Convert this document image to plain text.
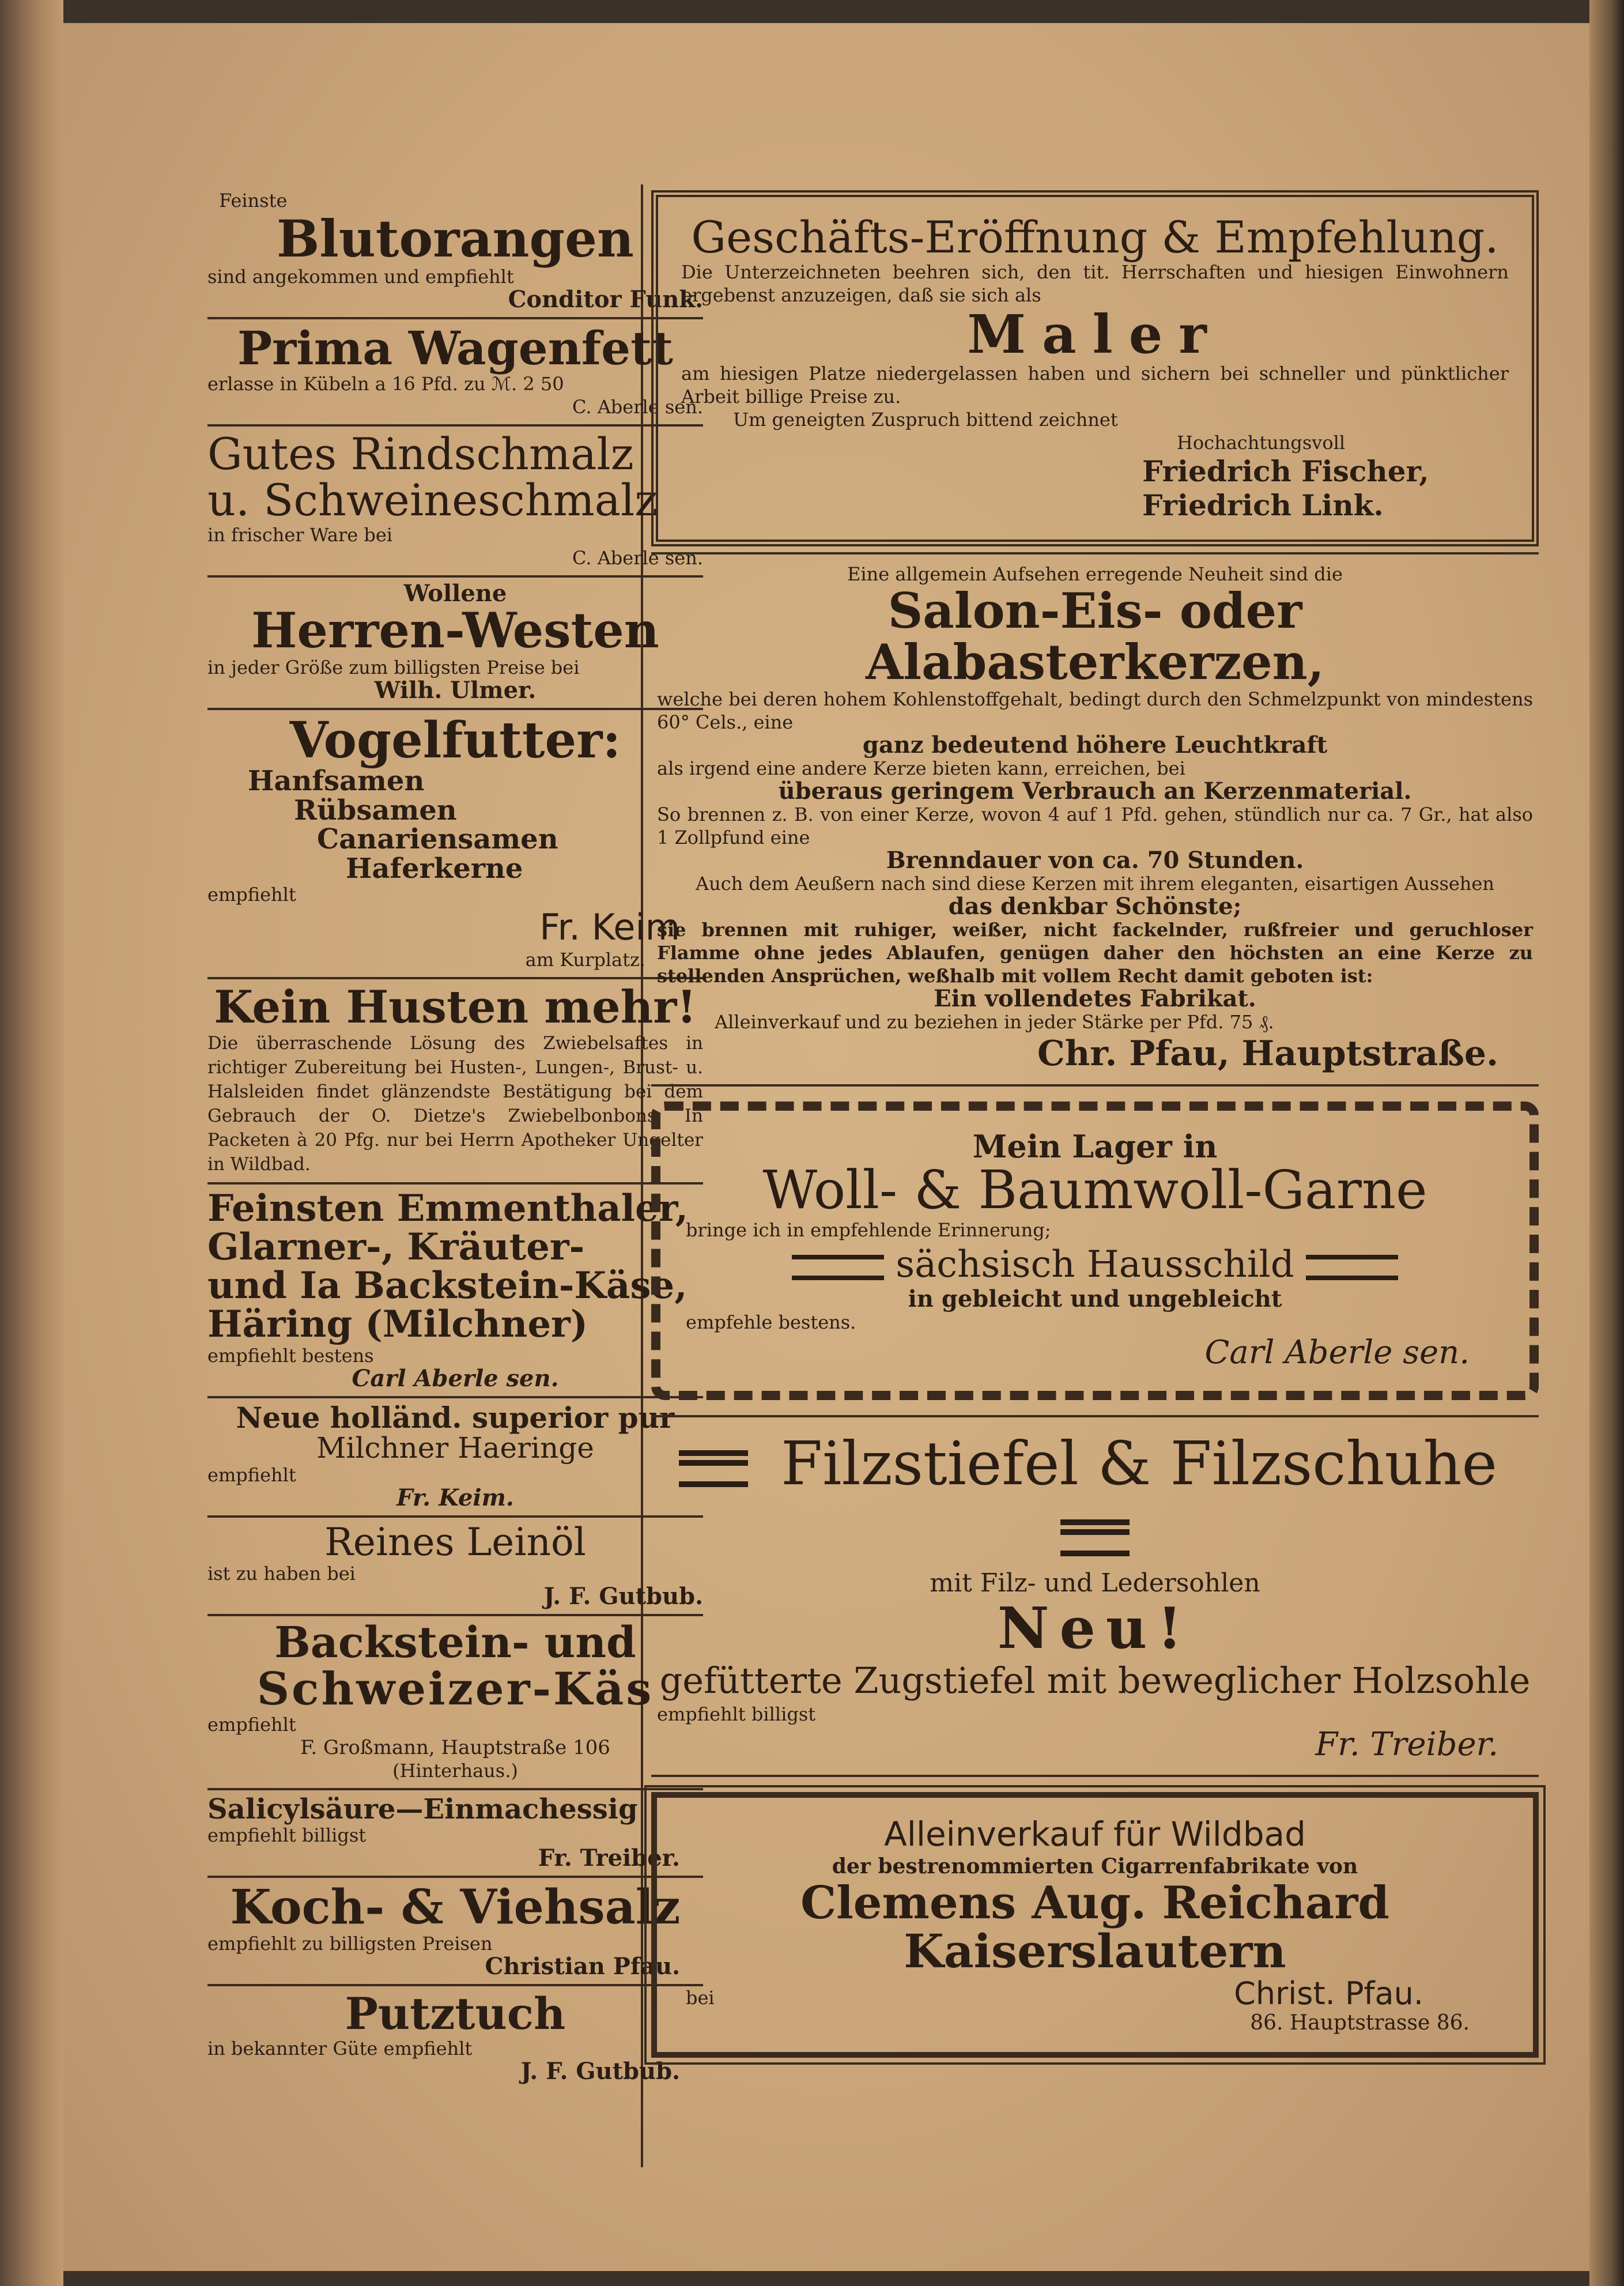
Feinste
Blutorangen
sind angekommen und empfiehlt
Conditor Funk.
Prima Wagenfett
erlasse in Kübeln a 16 Pfd. zu ℳ. 2 50
C. Aberle sen.
Gutes Rindschmalz
u. Schweineschmalz
in frischer Ware bei
C. Aberle sen.
Wollene
Herren-Westen
in jeder Größe zum billigsten Preise bei
Wilh. Ulmer.
Vogelfutter:
Hanfsamen
Rübsamen
Canariensamen
Haferkerne
empfiehlt
Fr. Keim
am Kurplatz.
Kein Husten mehr!
Die überraschende Lösung des Zwiebelsaftes in richtiger Zubereitung bei Husten-, Lungen-, Brust- u. Halsleiden findet glänzendste Bestätigung bei dem Gebrauch der O. Dietze's Zwiebelbonbons. In Packeten à 20 Pfg. nur bei Herrn Apotheker Ungelter in Wildbad.
Feinsten Emmenthaler,
Glarner-, Kräuter-
und Ia Backstein-Käse,
Häring (Milchner)
empfiehlt bestens
Carl Aberle sen.
Neue holländ. superior pur
Milchner Haeringe
empfiehlt
Fr. Keim.
Reines Leinöl
ist zu haben bei
J. F. Gutbub.
Backstein- und
Schweizer-Käs
empfiehlt
F. Großmann, Hauptstraße 106
(Hinterhaus.)
Salicylsäure—Einmachessig
empfiehlt billigst
Fr. Treiber.
Koch- & Viehsalz
empfiehlt zu billigsten Preisen
Christian Pfau.
Putztuch
in bekannter Güte empfiehlt
J. F. Gutbub.
Geschäfts-Eröffnung & Empfehlung.
Die Unterzeichneten beehren sich, den tit. Herrschaften und hiesigen Einwohnern ergebenst anzuzeigen, daß sie sich als
Maler
am hiesigen Platze niedergelassen haben und sichern bei schneller und pünktlicher Arbeit billige Preise zu.
Um geneigten Zuspruch bittend zeichnet
Hochachtungsvoll
Friedrich Fischer,
Friedrich Link.
Eine allgemein Aufsehen erregende Neuheit sind die
Salon-Eis- oder Alabasterkerzen,
welche bei deren hohem Kohlenstoffgehalt, bedingt durch den Schmelzpunkt von mindestens 60° Cels., eine
ganz bedeutend höhere Leuchtkraft
als irgend eine andere Kerze bieten kann, erreichen, bei
überaus geringem Verbrauch an Kerzenmaterial.
So brennen z. B. von einer Kerze, wovon 4 auf 1 Pfd. gehen, stündlich nur ca. 7 Gr., hat also 1 Zollpfund eine
Brenndauer von ca. 70 Stunden.
Auch dem Aeußern nach sind diese Kerzen mit ihrem eleganten, eisartigen Aussehen
das denkbar Schönste;
sie brennen mit ruhiger, weißer, nicht fackelnder, rußfreier und geruchloser Flamme ohne jedes Ablaufen, genügen daher den höchsten an eine Kerze zu stellenden Ansprüchen, weßhalb mit vollem Recht damit geboten ist:
Ein vollendetes Fabrikat.
Alleinverkauf und zu beziehen in jeder Stärke per Pfd. 75 ₰.
Chr. Pfau, Hauptstraße.
Mein Lager in
Woll- & Baumwoll-Garne
bringe ich in empfehlende Erinnerung;
sächsisch Hausschild
in gebleicht und ungebleicht
empfehle bestens.
Carl Aberle sen.
Filzstiefel & Filzschuhe
mit Filz- und Ledersohlen
Neu!
gefütterte Zugstiefel mit beweglicher Holzsohle
empfiehlt billigst
Fr. Treiber.
Alleinverkauf für Wildbad
der bestrenommierten Cigarrenfabrikate von
Clemens Aug. Reichard
Kaiserslautern
bei	Christ. Pfau.
86. Hauptstrasse 86.
